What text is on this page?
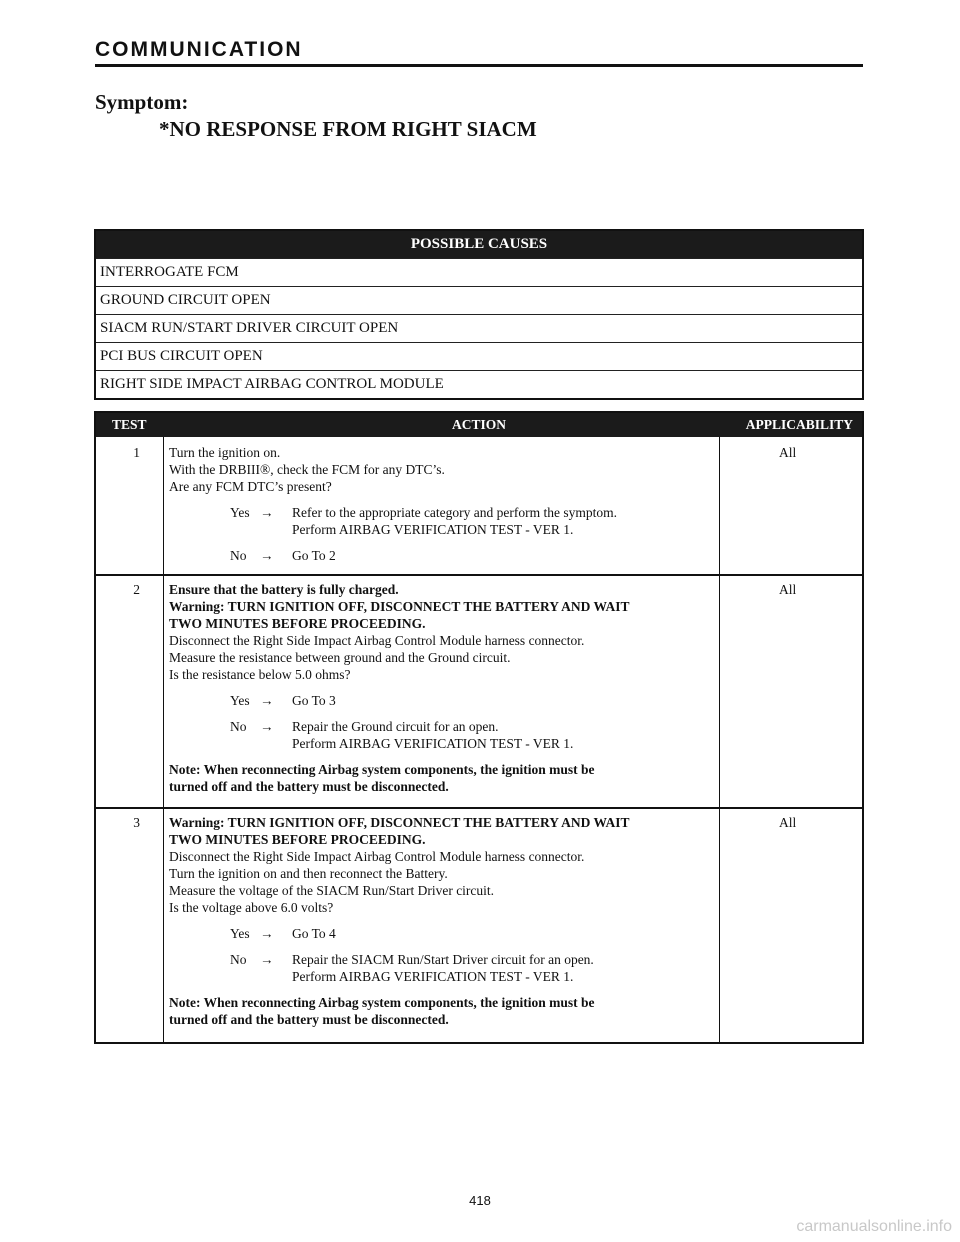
COMMUNICATION
Symptom:
*NO RESPONSE FROM RIGHT SIACM
POSSIBLE CAUSES
INTERROGATE FCM
GROUND CIRCUIT OPEN
SIACM RUN/START DRIVER CIRCUIT OPEN
PCI BUS CIRCUIT OPEN
RIGHT SIDE IMPACT AIRBAG CONTROL MODULE
ACTION
TEST	APPLICABILITY
1 Turn the ignition on.
With the DRBIII®, check the FCM for any DTC’s.
Are any FCM DTC’s present?
Yes → Refer to the appropriate category and perform the symptom.
Perform AIRBAG VERIFICATION TEST - VER 1.
No → Go To 2
All
2 Ensure that the battery is fully charged.
Warning: TURN IGNITION OFF, DISCONNECT THE BATTERY AND WAIT
TWO MINUTES BEFORE PROCEEDING.
Disconnect the Right Side Impact Airbag Control Module harness connector.
Measure the resistance between ground and the Ground circuit.
Is the resistance below 5.0 ohms?
Yes → Go To 3
No → Repair the Ground circuit for an open.
Perform AIRBAG VERIFICATION TEST - VER 1.
Note: When reconnecting Airbag system components, the ignition must be
turned off and the battery must be disconnected.
All
3 Warning: TURN IGNITION OFF, DISCONNECT THE BATTERY AND WAIT
TWO MINUTES BEFORE PROCEEDING.
Disconnect the Right Side Impact Airbag Control Module harness connector.
Turn the ignition on and then reconnect the Battery.
Measure the voltage of the SIACM Run/Start Driver circuit.
Is the voltage above 6.0 volts?
Yes → Go To 4
No → Repair the SIACM Run/Start Driver circuit for an open.
Perform AIRBAG VERIFICATION TEST - VER 1.
Note: When reconnecting Airbag system components, the ignition must be
turned off and the battery must be disconnected.
All
418
carmanualsonline.info
